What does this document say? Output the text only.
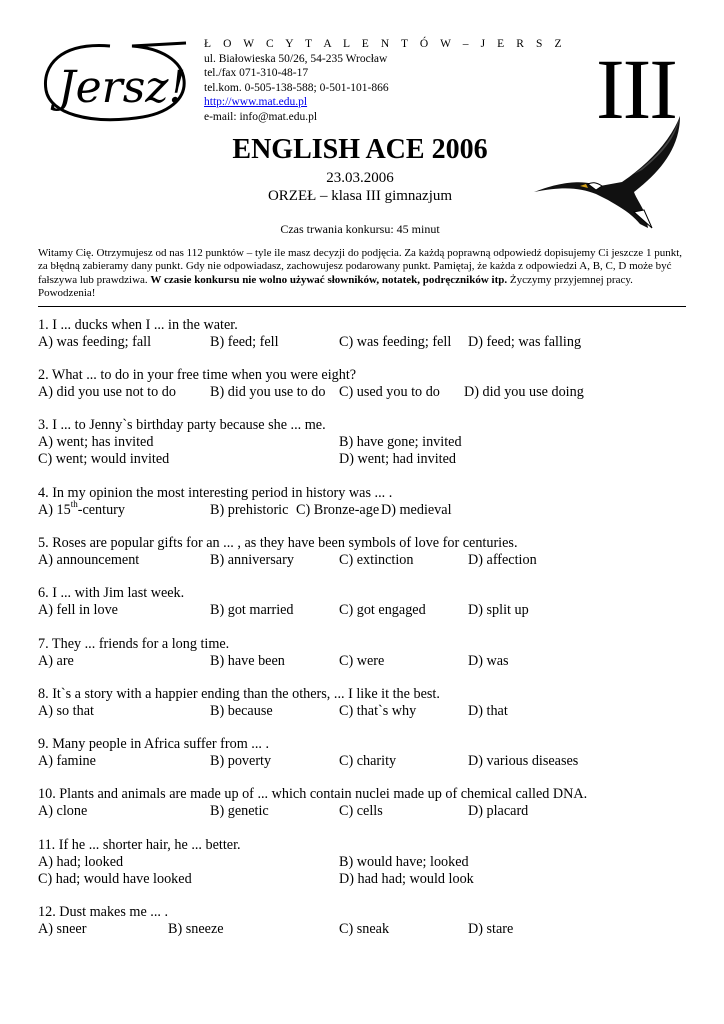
Jersz!
Ł O W C Y T A L E N T Ó W – J E R S Z
ul. Białowieska 50/26, 54-235 Wrocław
tel./fax 071-310-48-17
tel.kom. 0-505-138-588; 0-501-101-866
http://www.mat.edu.pl
e-mail: info@mat.edu.pl	III
ENGLISH ACE 2006
23.03.2006
ORZEŁ – klasa III gimnazjum
Czas trwania konkursu: 45 minut
Witamy Cię. Otrzymujesz od nas 112 punktów – tyle ile masz decyzji do podjęcia. Za każdą poprawną odpowiedź dopisujemy Ci jeszcze 1 punkt, za błędną zabieramy dany punkt. Gdy nie odpowiadasz, zachowujesz podarowany punkt. Pamiętaj, że każda z odpowiedzi A, B, C, D może być fałszywa lub prawdziwa. W czasie konkursu nie wolno używać słowników, notatek, podręczników itp. Życzymy przyjemnej pracy. Powodzenia!
1. I ... ducks when I ... in the water.
A) was feeding; fall	B) feed; fell	C) was feeding; fell D) feed; was falling
2. What ... to do in your free time when you were eight?
A) did you use not to do B) did you use to do C) used you to do D) did you use doing
3. I ... to Jenny`s birthday party because she ... me.
A) went; has invited	B) have gone; invited
C) went; would invited	D) went; had invited
4. In my opinion the most interesting period in history was ... .
A) 15th-century	B) prehistoric C) Bronze-age D) medieval
5. Roses are popular gifts for an ... , as they have been symbols of love for centuries.
A) announcement	B) anniversary	C) extinction	D) affection
6. I ... with Jim last week.
A) fell in love	B) got married	C) got engaged	D) split up
7. They ... friends for a long time.
A) are	B) have been	C) were	D) was
8. It`s a story with a happier ending than the others, ... I like it the best.
A) so that	B) because	C) that`s why	D) that
9. Many people in Africa suffer from ... .
A) famine	B) poverty	C) charity	D) various diseases
10. Plants and animals are made up of ... which contain nuclei made up of chemical called DNA.
A) clone	B) genetic	C) cells	D) placard
11. If he ... shorter hair, he ... better.
A) had; looked	B) would have; looked
C) had; would have looked	D) had had; would look
12. Dust makes me ... .
A) sneer	B) sneeze	C) sneak	D) stare
